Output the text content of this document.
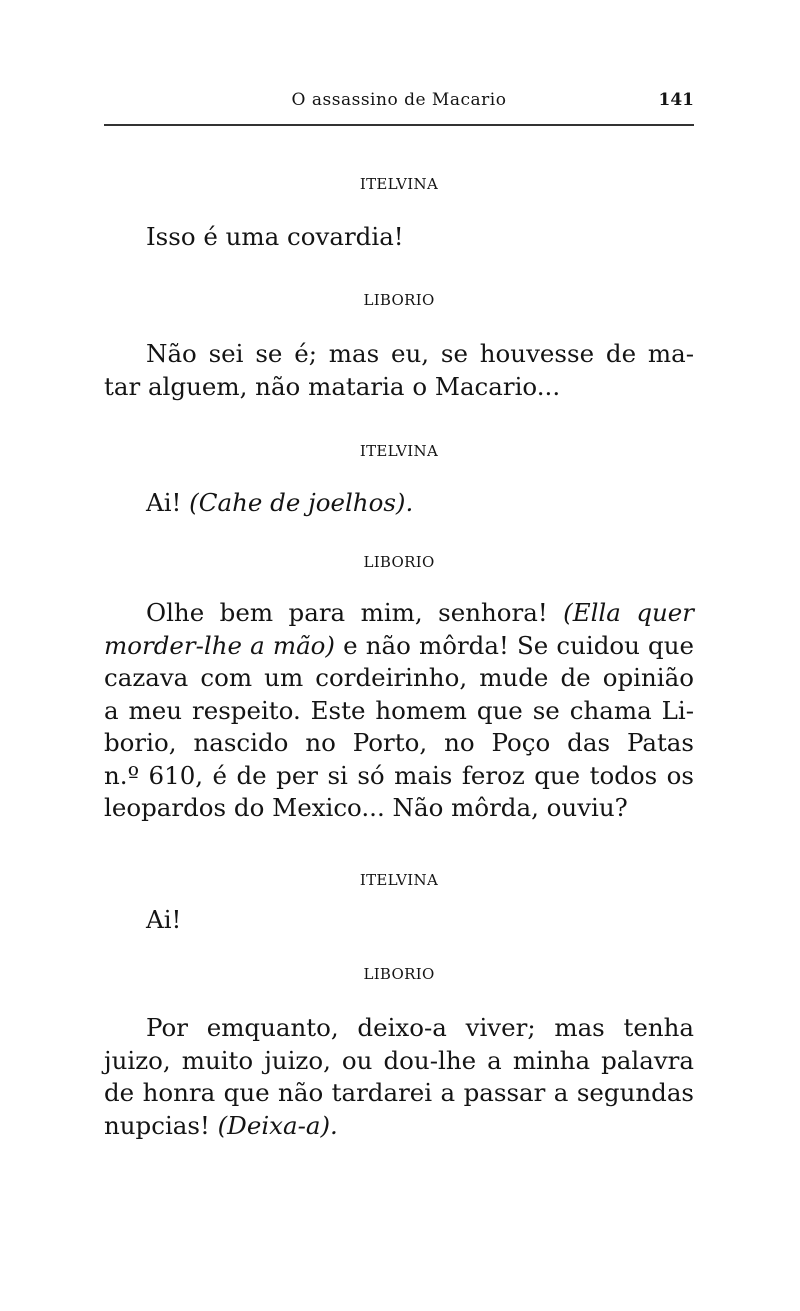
O assassino de Macario	141
ITELVINA
Isso é uma covardia!
LIBORIO
Não sei se é; mas eu, se houvesse de ma-
tar alguem, não mataria o Macario...
ITELVINA
Ai! (Cahe de joelhos).
LIBORIO
Olhe bem para mim, senhora! (Ella quer
morder-lhe a mão) e não môrda! Se cuidou que
cazava com um cordeirinho, mude de opinião
a meu respeito. Este homem que se chama Li-
borio, nascido no Porto, no Poço das Patas
n.º 610, é de per si só mais feroz que todos os
leopardos do Mexico... Não môrda, ouviu?
ITELVINA
Ai!
LIBORIO
Por emquanto, deixo-a viver; mas tenha
juizo, muito juizo, ou dou-lhe a minha palavra
de honra que não tardarei a passar a segundas
nupcias! (Deixa-a).
